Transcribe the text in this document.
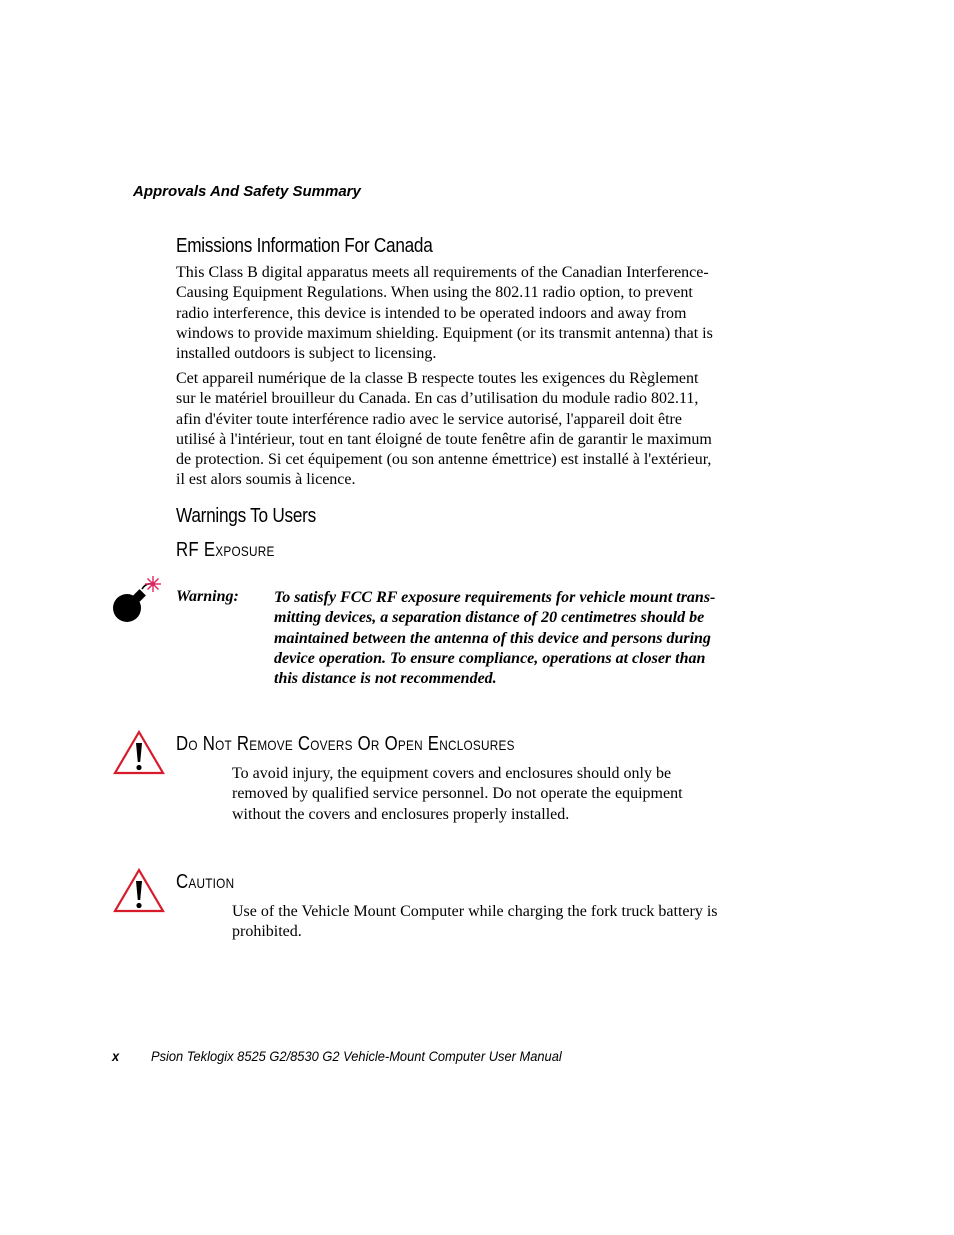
Approvals And Safety Summary
Emissions Information For Canada

This Class B digital apparatus meets all requirements of the Canadian Interference-

Causing Equipment Regulations. When using the 802.11 radio option, to prevent

radio interference, this device is intended to be operated indoors and away from

windows to provide maximum shielding. Equipment (or its transmit antenna) that is

installed outdoors is subject to licensing.

Cet appareil numérique de la classe B respecte toutes les exigences du Règlement

sur le matériel brouilleur du Canada. En cas d’utilisation du module radio 802.11,

afin d'éviter toute interférence radio avec le service autorisé, l'appareil doit être

utilisé à l'intérieur, tout en tant éloigné de toute fenêtre afin de garantir le maximum

de protection. Si cet équipement (ou son antenne émettrice) est installé à l'extérieur,

il est alors soumis à licence.

Warnings To Users
RF Exposure
Warning: To satisfy FCC RF exposure requirements for vehicle mount trans-
mitting devices, a separation distance of 20 centimetres should be
maintained between the antenna of this device and persons during
device operation. To ensure compliance, operations at closer than
this distance is not recommended.
Do Not Remove Covers Or Open Enclosures

To avoid injury, the equipment covers and enclosures should only be

removed by qualified service personnel. Do not operate the equipment

without the covers and enclosures properly installed.

Caution

Use of the Vehicle Mount Computer while charging the fork truck battery is

prohibited.

x Psion Teklogix 8525 G2/8530 G2 Vehicle-Mount Computer User Manual
